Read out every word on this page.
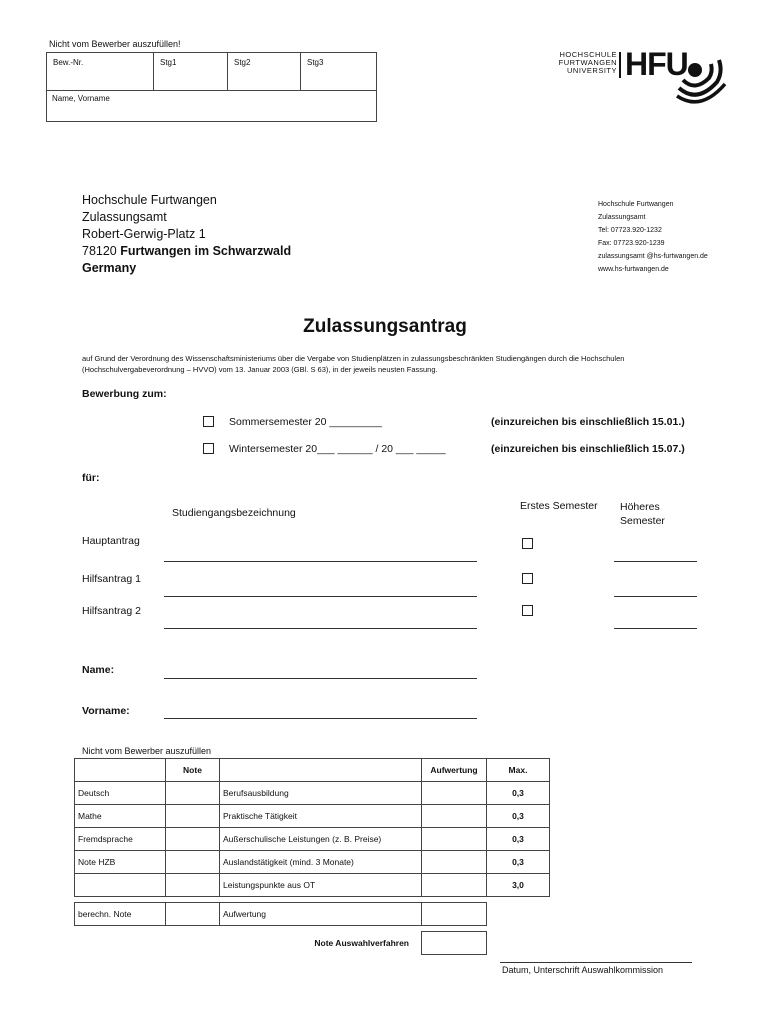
Nicht vom Bewerber auszufüllen!
Bew.-Nr.	Stg1	Stg2	Stg3
Name, Vorname
HOCHSCHULE
FURTWANGEN
UNIVERSITY HFU
Hochschule Furtwangen
Zulassungsamt
Robert-Gerwig-Platz 1
78120 Furtwangen im Schwarzwald
Germany
Hochschule Furtwangen
Zulassungsamt
Tel: 07723.920-1232
Fax: 07723.920-1239
zulassungsamt @hs-furtwangen.de
www.hs-furtwangen.de
Zulassungsantrag
auf Grund der Verordnung des Wissenschaftsministeriums über die Vergabe von Studienplätzen in zulassungsbeschränkten Studiengängen durch die Hochschulen (Hochschulvergabeverordnung – HVVO) vom 13. Januar 2003 (GBl. S 63), in der jeweils neusten Fassung.
Bewerbung zum:
Sommersemester 20 _________	(einzureichen bis einschließlich 15.01.)
Wintersemester 20___ ______ / 20 ___ _____	(einzureichen bis einschließlich 15.07.)
für:
Studiengangsbezeichnung
Erstes Semester Höheres Semester
Hauptantrag
Hilfsantrag 1
Hilfsantrag 2
Name:
Vorname:
Nicht vom Bewerber auszufüllen
	Note		Aufwertung	Max.
Deutsch		Berufsausbildung		0,3
Mathe		Praktische Tätigkeit		0,3
Fremdsprache		Außerschulische Leistungen (z. B. Preise)		0,3
Note HZB		Auslandstätigkeit (mind. 3 Monate)		0,3
		Leistungspunkte aus OT		3,0

berechn. Note		Aufwertung		

		Note Auswahlverfahren		
Datum, Unterschrift Auswahlkommission
